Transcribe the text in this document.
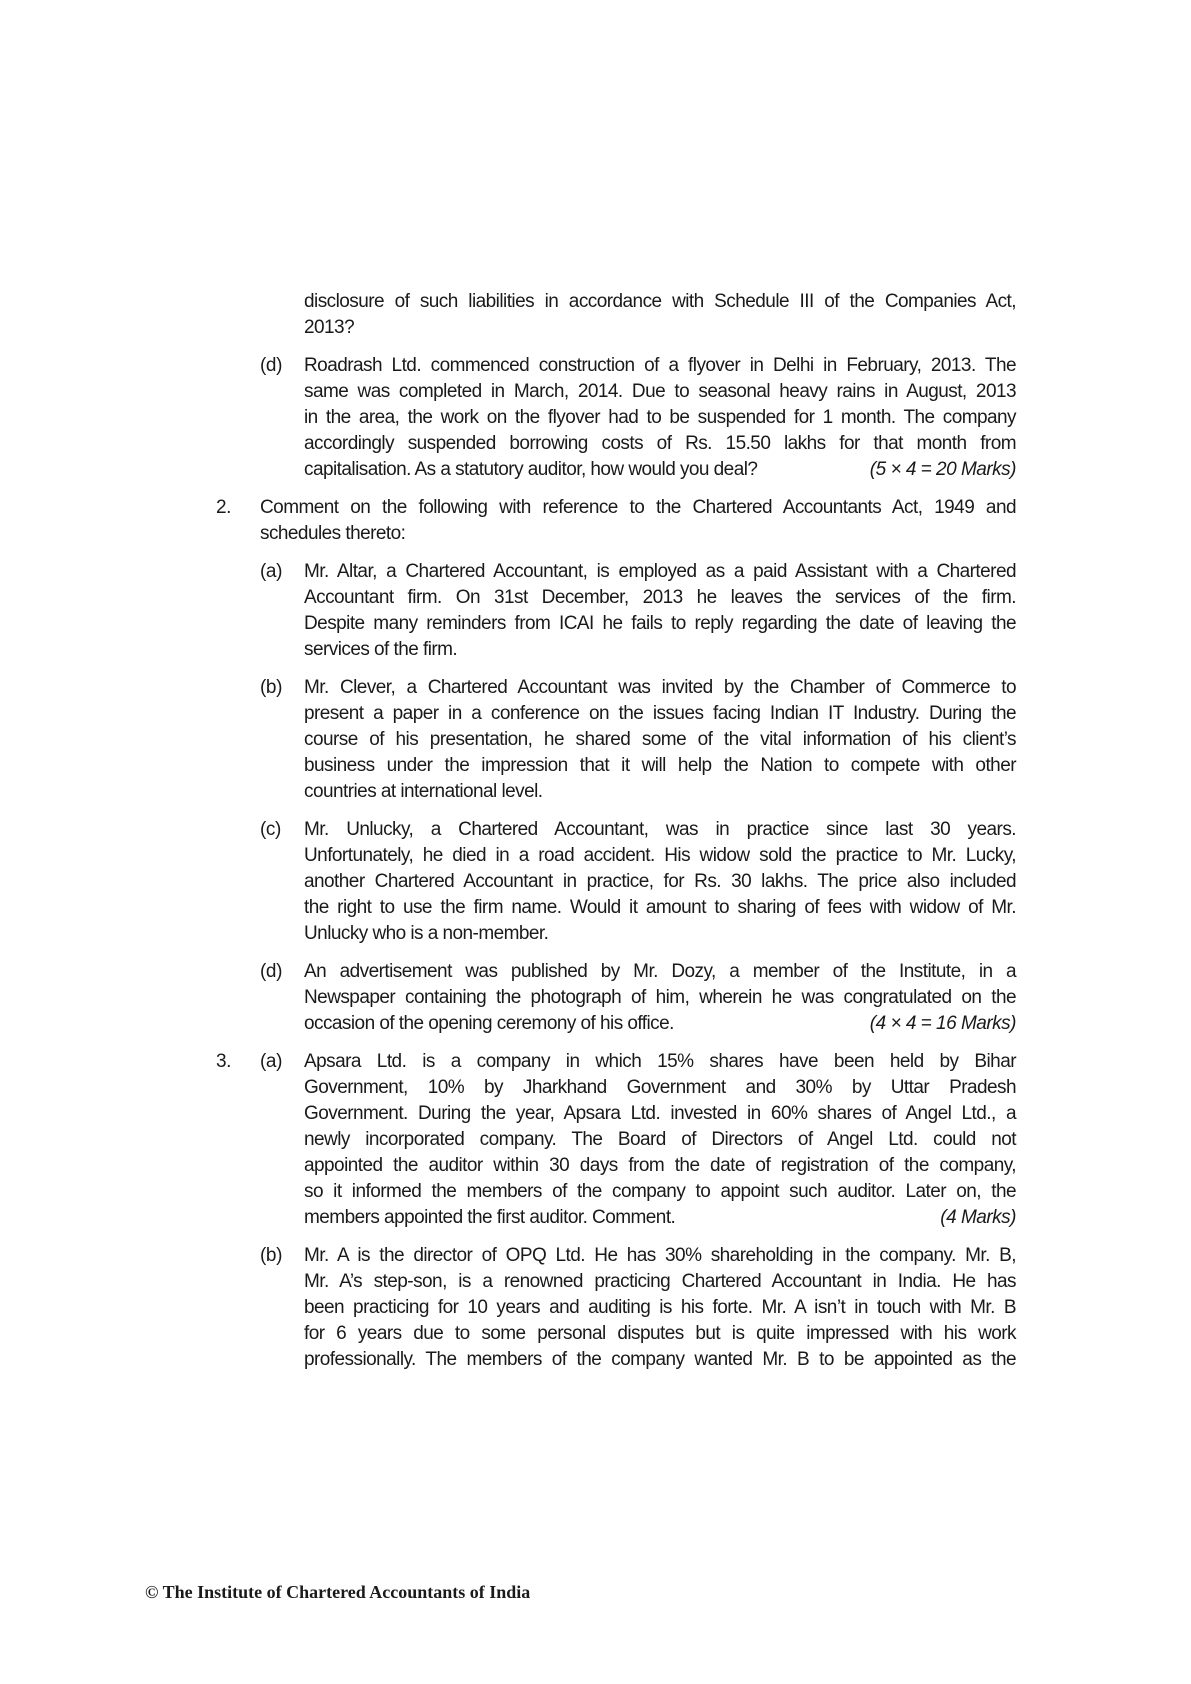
disclosure of such liabilities in accordance with Schedule III of the Companies Act,
2013?
(d) Roadrash Ltd. commenced construction of a flyover in Delhi in February, 2013. The
same was completed in March, 2014. Due to seasonal heavy rains in August, 2013
in the area, the work on the flyover had to be suspended for 1 month. The company
accordingly suspended borrowing costs of Rs. 15.50 lakhs for that month from
capitalisation. As a statutory auditor, how would you deal?	(5 × 4 = 20 Marks)
2. Comment on the following with reference to the Chartered Accountants Act, 1949 and
schedules thereto:
(a) Mr. Altar, a Chartered Accountant, is employed as a paid Assistant with a Chartered
Accountant firm. On 31st December, 2013 he leaves the services of the firm.
Despite many reminders from ICAI he fails to reply regarding the date of leaving the
services of the firm.
(b) Mr. Clever, a Chartered Accountant was invited by the Chamber of Commerce to
present a paper in a conference on the issues facing Indian IT Industry. During the
course of his presentation, he shared some of the vital information of his client’s
business under the impression that it will help the Nation to compete with other
countries at international level.
(c) Mr. Unlucky, a Chartered Accountant, was in practice since last 30 years.
Unfortunately, he died in a road accident. His widow sold the practice to Mr. Lucky,
another Chartered Accountant in practice, for Rs. 30 lakhs. The price also included
the right to use the firm name. Would it amount to sharing of fees with widow of Mr.
Unlucky who is a non-member.
(d) An advertisement was published by Mr. Dozy, a member of the Institute, in a
Newspaper containing the photograph of him, wherein he was congratulated on the
occasion of the opening ceremony of his office.	(4 × 4 = 16 Marks)
3. (a) Apsara Ltd. is a company in which 15% shares have been held by Bihar
Government, 10% by Jharkhand Government and 30% by Uttar Pradesh
Government. During the year, Apsara Ltd. invested in 60% shares of Angel Ltd., a
newly incorporated company. The Board of Directors of Angel Ltd. could not
appointed the auditor within 30 days from the date of registration of the company,
so it informed the members of the company to appoint such auditor. Later on, the
members appointed the first auditor. Comment.	(4 Marks)
(b) Mr. A is the director of OPQ Ltd. He has 30% shareholding in the company. Mr. B,
Mr. A’s step-son, is a renowned practicing Chartered Accountant in India. He has
been practicing for 10 years and auditing is his forte. Mr. A isn’t in touch with Mr. B
for 6 years due to some personal disputes but is quite impressed with his work
professionally. The members of the company wanted Mr. B to be appointed as the
© The Institute of Chartered Accountants of India
